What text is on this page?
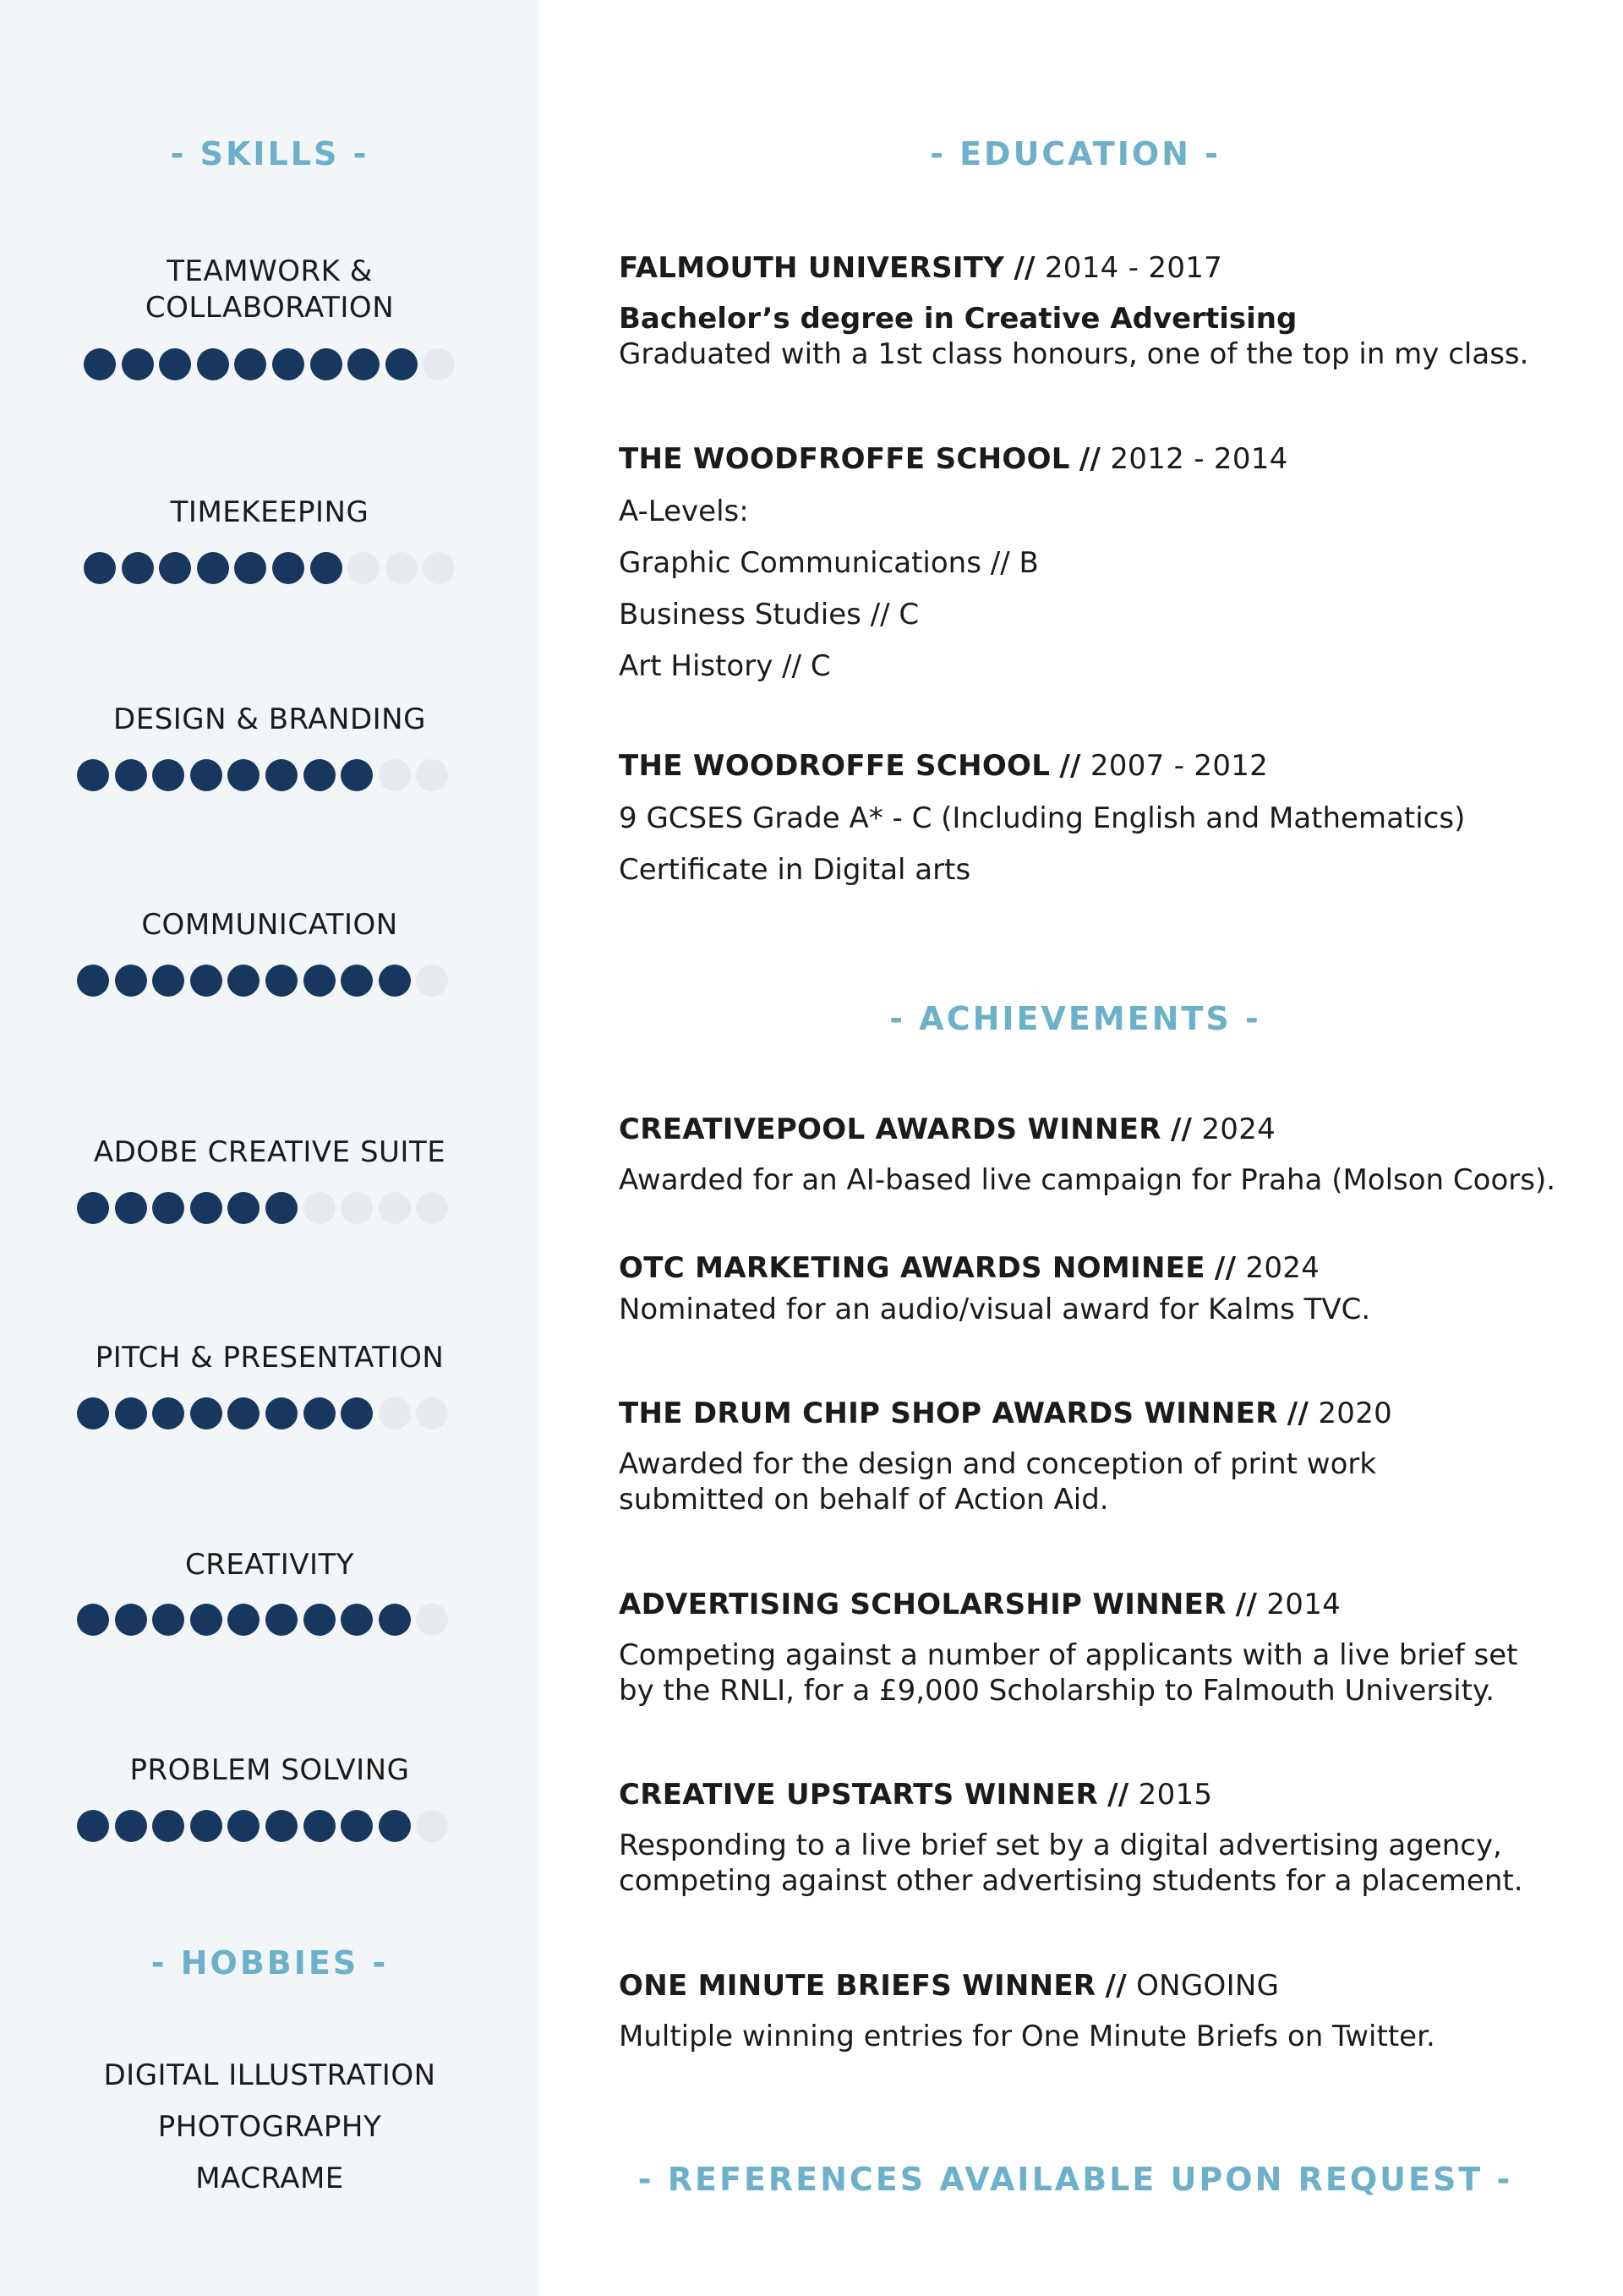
- SKILLS -
TEAMWORK &
COLLABORATION
TIMEKEEPING
DESIGN & BRANDING
COMMUNICATION
ADOBE CREATIVE SUITE
PITCH & PRESENTATION
CREATIVITY
PROBLEM SOLVING
- HOBBIES -
DIGITAL ILLUSTRATION
PHOTOGRAPHY
MACRAME
- EDUCATION -
FALMOUTH UNIVERSITY // 2014 - 2017
Bachelor’s degree in Creative Advertising
Graduated with a 1st class honours, one of the top in my class.
THE WOODFROFFE SCHOOL // 2012 - 2014
A-Levels:
Graphic Communications // B
Business Studies // C
Art History // C
THE WOODROFFE SCHOOL // 2007 - 2012
9 GCSES Grade A* - C (Including English and Mathematics)
Certificate in Digital arts
- ACHIEVEMENTS -
CREATIVEPOOL AWARDS WINNER // 2024
Awarded for an AI-based live campaign for Praha (Molson Coors).
OTC MARKETING AWARDS NOMINEE // 2024
Nominated for an audio/visual award for Kalms TVC.
THE DRUM CHIP SHOP AWARDS WINNER // 2020
Awarded for the design and conception of print work
submitted on behalf of Action Aid.
ADVERTISING SCHOLARSHIP WINNER // 2014
Competing against a number of applicants with a live brief set
by the RNLI, for a £9,000 Scholarship to Falmouth University.
CREATIVE UPSTARTS WINNER // 2015
Responding to a live brief set by a digital advertising agency,
competing against other advertising students for a placement.
ONE MINUTE BRIEFS WINNER // ONGOING
Multiple winning entries for One Minute Briefs on Twitter.
- REFERENCES AVAILABLE UPON REQUEST -
